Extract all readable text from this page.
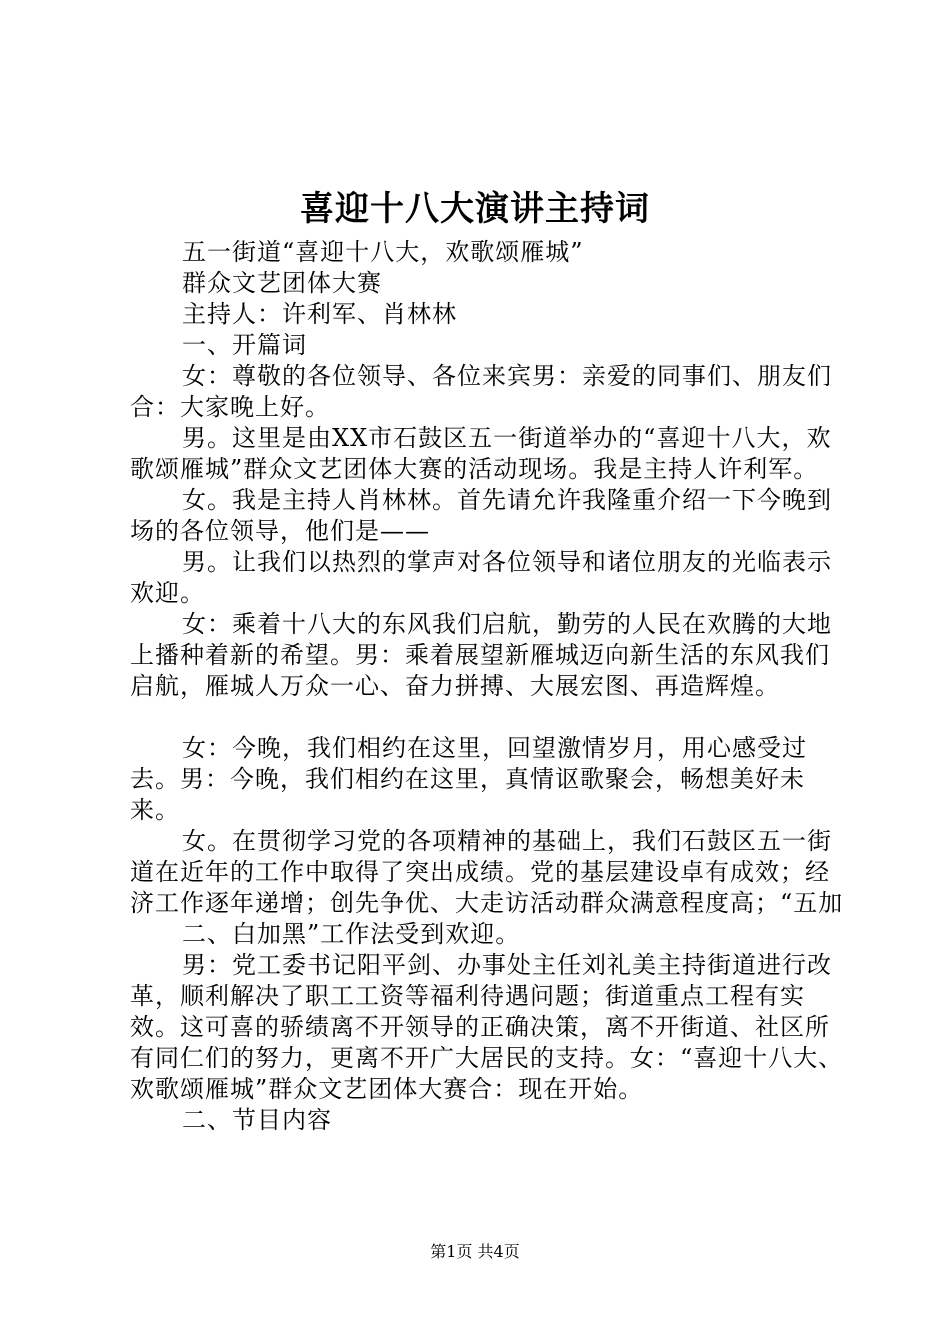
喜迎十八大演讲主持词

五一街道“喜迎十八大，欢歌颂雁城”

群众文艺团体大赛

主持人：许利军、肖林林

一、开篇词

女：尊敬的各位领导、各位来宾男：亲爱的同事们、朋友们合：大家晚上好。

男。这里是由XX市石鼓区五一街道举办的“喜迎十八大，欢歌颂雁城”群众文艺团体大赛的活动现场。我是主持人许利军。

女。我是主持人肖林林。首先请允许我隆重介绍一下今晚到场的各位领导，他们是——

男。让我们以热烈的掌声对各位领导和诸位朋友的光临表示欢迎。

女：乘着十八大的东风我们启航，勤劳的人民在欢腾的大地上播种着新的希望。男：乘着展望新雁城迈向新生活的东风我们启航，雁城人万众一心、奋力拼搏、大展宏图、再造辉煌。

女：今晚，我们相约在这里，回望激情岁月，用心感受过去。男：今晚，我们相约在这里，真情讴歌聚会，畅想美好未来。

女。在贯彻学习党的各项精神的基础上，我们石鼓区五一街道在近年的工作中取得了突出成绩。党的基层建设卓有成效；经济工作逐年递增；创先争优、大走访活动群众满意程度高；“五加

二、白加黑”工作法受到欢迎。

男：党工委书记阳平剑、办事处主任刘礼美主持街道进行改革，顺利解决了职工工资等福利待遇问题；街道重点工程有实效。这可喜的骄绩离不开领导的正确决策，离不开街道、社区所有同仁们的努力，更离不开广大居民的支持。女：“喜迎十八大、欢歌颂雁城”群众文艺团体大赛合：现在开始。

二、节目内容

第1页 共4页
